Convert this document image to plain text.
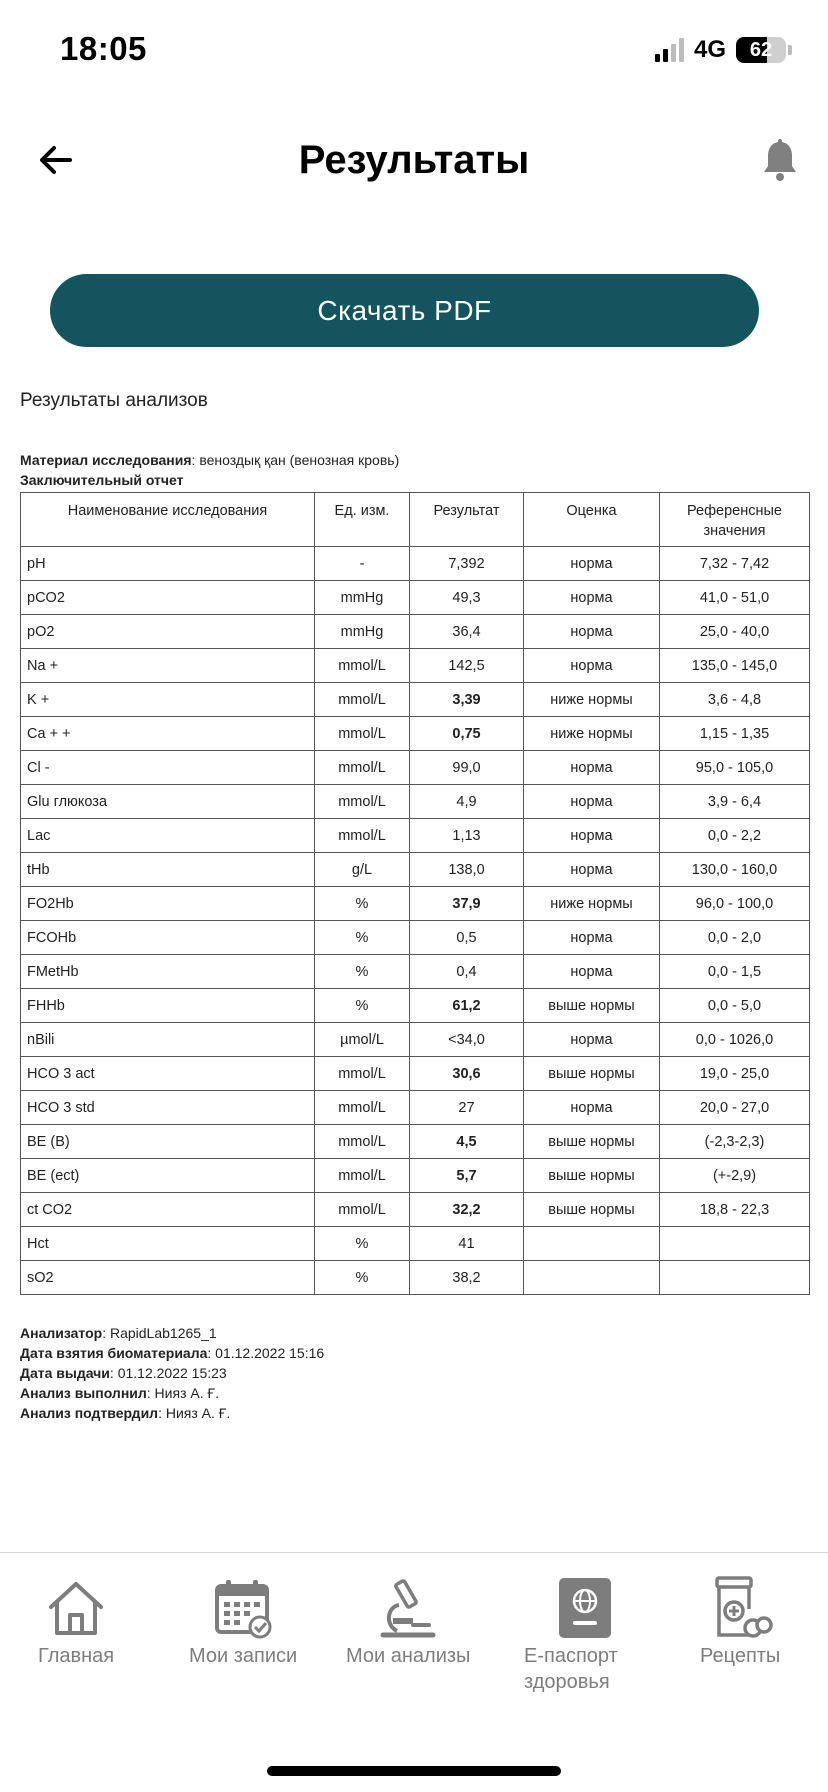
18:05	4G	62
Результаты
Скачать PDF
Результаты анализов
Материал исследования: веноздық қан (венозная кровь)
Заключительный отчет
Наименование исследования	Ед. изм.	Результат	Оценка	Референсные значения
pH	-	7,392	норма	7,32 - 7,42
pCO2	mmHg	49,3	норма	41,0 - 51,0
pO2	mmHg	36,4	норма	25,0 - 40,0
Na +	mmol/L	142,5	норма	135,0 - 145,0
K +	mmol/L	3,39	ниже нормы	3,6 - 4,8
Ca + +	mmol/L	0,75	ниже нормы	1,15 - 1,35
Cl -	mmol/L	99,0	норма	95,0 - 105,0
Glu глюкоза	mmol/L	4,9	норма	3,9 - 6,4
Lac	mmol/L	1,13	норма	0,0 - 2,2
tHb	g/L	138,0	норма	130,0 - 160,0
FO2Hb	%	37,9	ниже нормы	96,0 - 100,0
FCOHb	%	0,5	норма	0,0 - 2,0
FMetHb	%	0,4	норма	0,0 - 1,5
FHHb	%	61,2	выше нормы	0,0 - 5,0
nBili	µmol/L	<34,0	норма	0,0 - 1026,0
HCO 3 act	mmol/L	30,6	выше нормы	19,0 - 25,0
HCO 3 std	mmol/L	27	норма	20,0 - 27,0
BE (B)	mmol/L	4,5	выше нормы	(-2,3-2,3)
BE (ect)	mmol/L	5,7	выше нормы	(+-2,9)
ct CO2	mmol/L	32,2	выше нормы	18,8 - 22,3
Hct	%	41		
sO2	%	38,2		
Анализатор: RapidLab1265_1
Дата взятия биоматериала: 01.12.2022 15:16
Дата выдачи: 01.12.2022 15:23
Анализ выполнил: Нияз А. Ғ.
Анализ подтвердил: Нияз А. Ғ.
Главная	Мои записи Мои анализы	Е-паспорт здоровья
Рецепты
